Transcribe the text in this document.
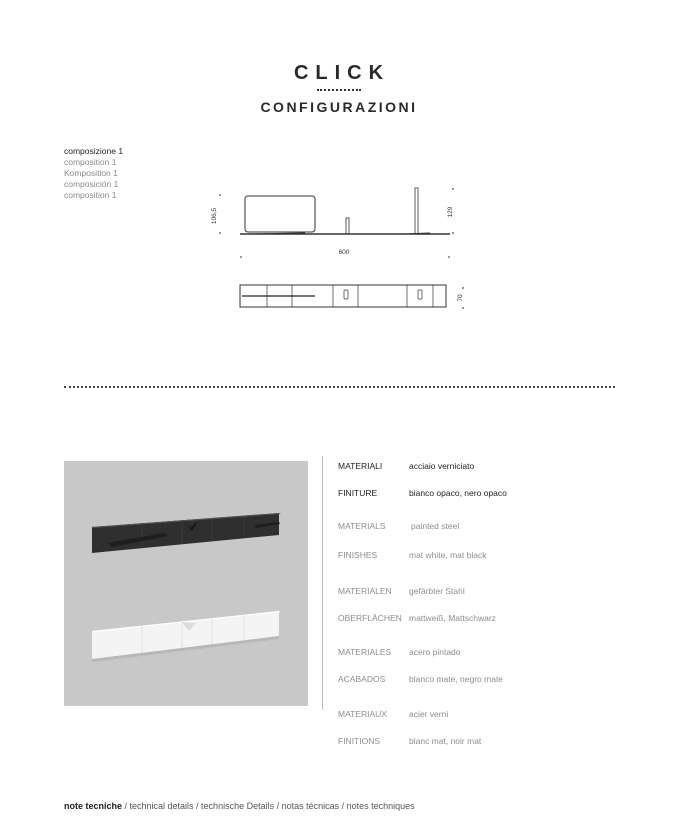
CLICK
CONFIGURAZIONI
composizione 1
composition 1
Komposition 1
composición 1
composition 1
106,5	129
600
70
MATERIALI	acciaio verniciato
FINITURE	bianco opaco, nero opaco
MATERIALS	painted steel
FINISHES	mat white, mat black
MATERIALEN gefärbter Stahl
OBERFLÄCHEN mattweiß, Mattschwarz
MATERIALES acero pintado
ACABADOS	blanco mate, negro mate
MATERIAUX	acier verni
FINITIONS	blanc mat, noir mat
note tecniche / technical details / technische Details / notas técnicas / notes techniques
